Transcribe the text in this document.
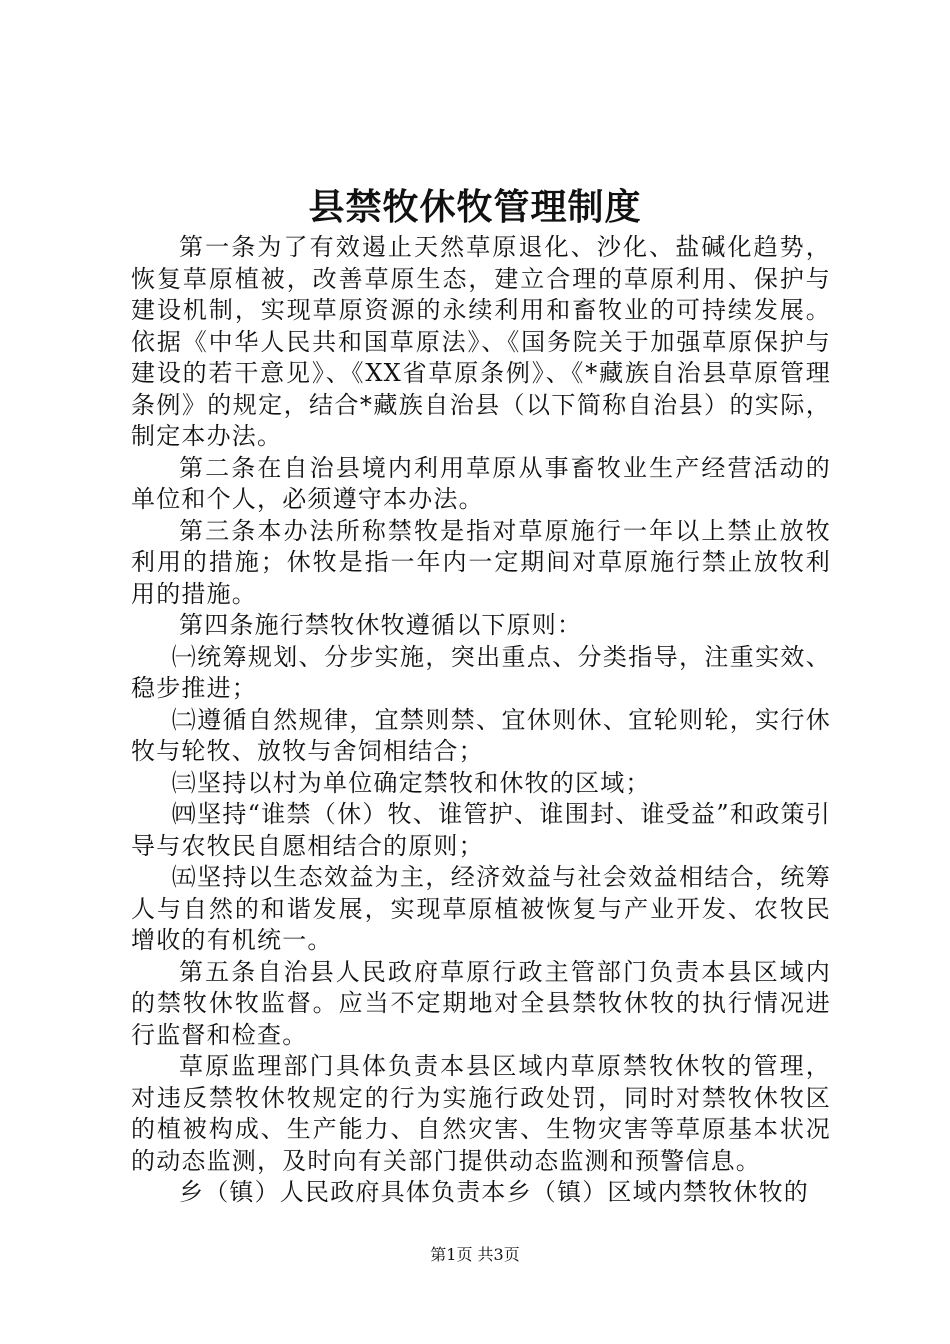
县禁牧休牧管理制度

第一条为了有效遏止天然草原退化、沙化、盐碱化趋势，恢复草原植被，改善草原生态，建立合理的草原利用、保护与建设机制，实现草原资源的永续利用和畜牧业的可持续发展。依据《中华人民共和国草原法》、《国务院关于加强草原保护与建设的若干意见》、《XX省草原条例》、《*藏族自治县草原管理条例》的规定，结合*藏族自治县（以下简称自治县）的实际，制定本办法。

第二条在自治县境内利用草原从事畜牧业生产经营活动的单位和个人，必须遵守本办法。

第三条本办法所称禁牧是指对草原施行一年以上禁止放牧利用的措施；休牧是指一年内一定期间对草原施行禁止放牧利用的措施。

第四条施行禁牧休牧遵循以下原则：

㈠统筹规划、分步实施，突出重点、分类指导，注重实效、稳步推进；

㈡遵循自然规律，宜禁则禁、宜休则休、宜轮则轮，实行休牧与轮牧、放牧与舍饲相结合；

㈢坚持以村为单位确定禁牧和休牧的区域；

㈣坚持“谁禁（休）牧、谁管护、谁围封、谁受益”和政策引导与农牧民自愿相结合的原则；

㈤坚持以生态效益为主，经济效益与社会效益相结合，统筹人与自然的和谐发展，实现草原植被恢复与产业开发、农牧民增收的有机统一。

第五条自治县人民政府草原行政主管部门负责本县区域内的禁牧休牧监督。应当不定期地对全县禁牧休牧的执行情况进行监督和检查。

草原监理部门具体负责本县区域内草原禁牧休牧的管理，对违反禁牧休牧规定的行为实施行政处罚，同时对禁牧休牧区的植被构成、生产能力、自然灾害、生物灾害等草原基本状况的动态监测，及时向有关部门提供动态监测和预警信息。

乡（镇）人民政府具体负责本乡（镇）区域内禁牧休牧的

第1页 共3页
